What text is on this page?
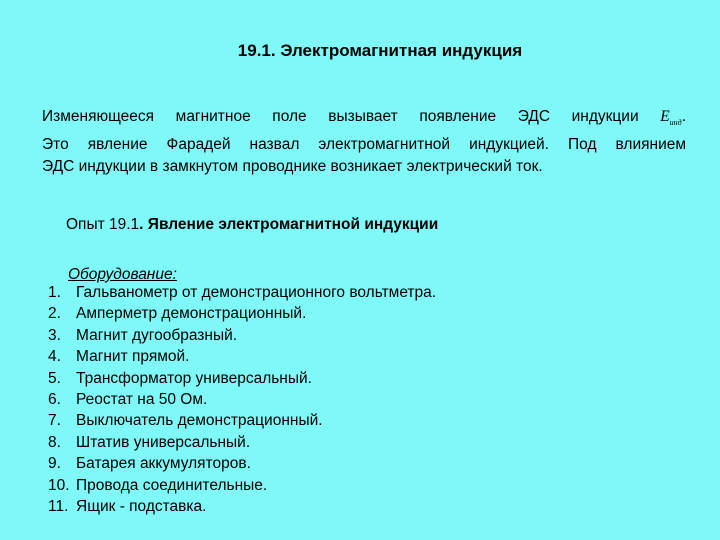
19.1. Электромагнитная индукция
Изменяющееся магнитное поле вызывает появление ЭДС индукции $E_{инд}$.
Это явление Фарадей назвал электромагнитной индукцией. Под влиянием
ЭДС индукции в замкнутом проводнике возникает электрический ток.
Опыт 19.1. Явление электромагнитной индукции
Оборудование:
1. Гальванометр от демонстрационного вольтметра.
2. Амперметр демонстрационный.
3. Магнит дугообразный.
4. Магнит прямой.
5. Трансформатор универсальный.
6. Реостат на 50 Ом.
7. Выключатель демонстрационный.
8. Штатив универсальный.
9. Батарея аккумуляторов.
10. Провода соединительные.
11. Ящик - подставка.
